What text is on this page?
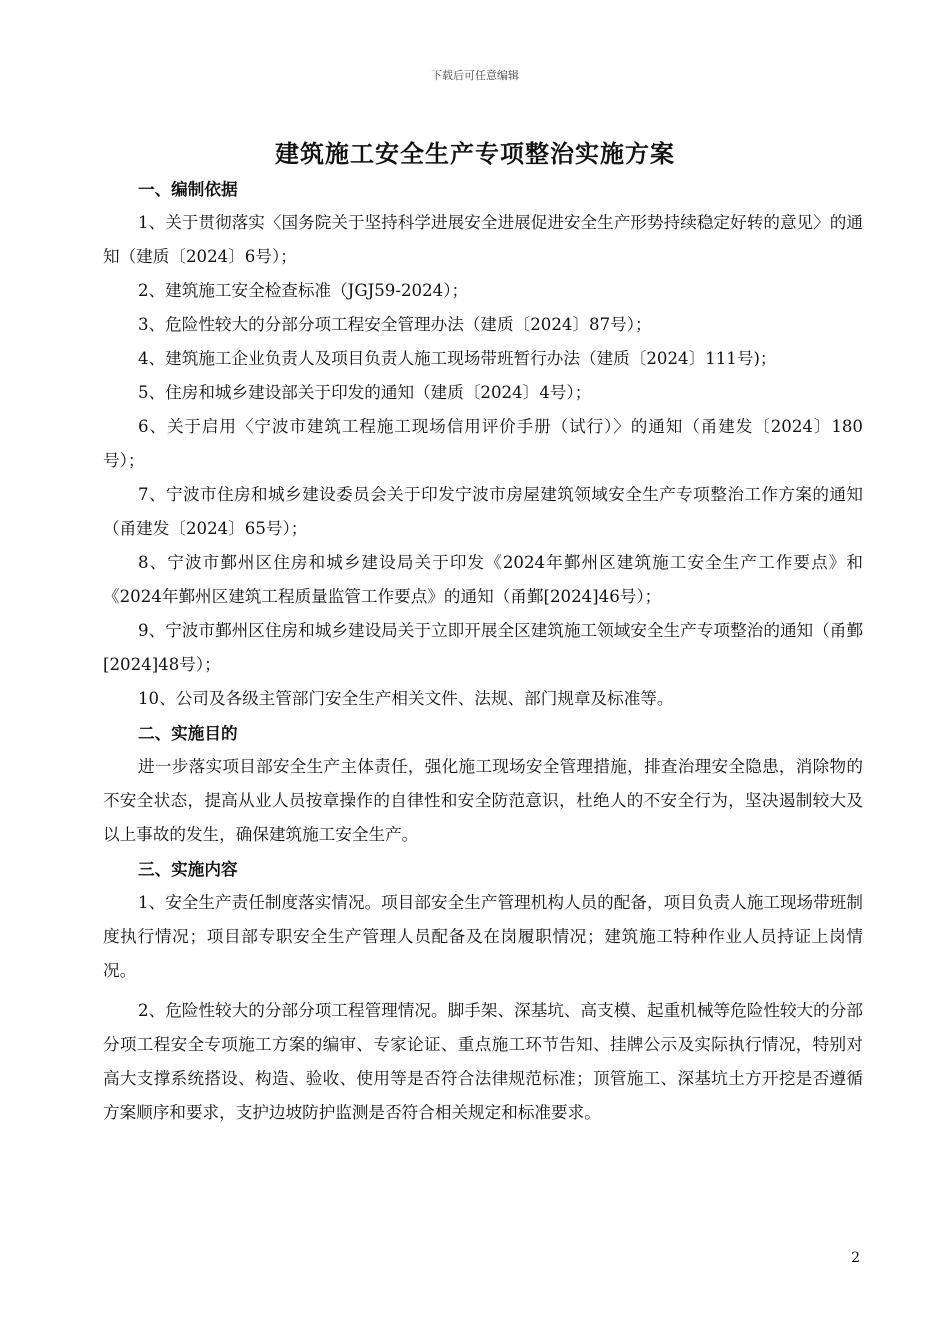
下载后可任意编辑
建筑施工安全生产专项整治实施方案

一、编制依据

1、关于贯彻落实〈国务院关于坚持科学进展安全进展促进安全生产形势持续稳定好转的意见〉的通知（建质〔2024〕6号）；

2、建筑施工安全检查标准（JGJ59-2024）；

3、危险性较大的分部分项工程安全管理办法（建质〔2024〕87号）；

4、建筑施工企业负责人及项目负责人施工现场带班暂行办法（建质〔2024〕111号)；

5、住房和城乡建设部关于印发的通知（建质〔2024〕4号）；

6、关于启用〈宁波市建筑工程施工现场信用评价手册（试行）〉的通知（甬建发〔2024〕180号）；

7、宁波市住房和城乡建设委员会关于印发宁波市房屋建筑领域安全生产专项整治工作方案的通知（甬建发〔2024〕65号）；

8、宁波市鄞州区住房和城乡建设局关于印发《2024年鄞州区建筑施工安全生产工作要点》和《2024年鄞州区建筑工程质量监管工作要点》的通知（甬鄞[2024]46号）；

9、宁波市鄞州区住房和城乡建设局关于立即开展全区建筑施工领域安全生产专项整治的通知（甬鄞[2024]48号）；

10、公司及各级主管部门安全生产相关文件、法规、部门规章及标准等。

二、实施目的

进一步落实项目部安全生产主体责任，强化施工现场安全管理措施，排查治理安全隐患，消除物的不安全状态，提高从业人员按章操作的自律性和安全防范意识，杜绝人的不安全行为，坚决遏制较大及以上事故的发生，确保建筑施工安全生产。

三、实施内容

1、安全生产责任制度落实情况。项目部安全生产管理机构人员的配备，项目负责人施工现场带班制度执行情况；项目部专职安全生产管理人员配备及在岗履职情况；建筑施工特种作业人员持证上岗情况。

2、危险性较大的分部分项工程管理情况。脚手架、深基坑、高支模、起重机械等危险性较大的分部分项工程安全专项施工方案的编审、专家论证、重点施工环节告知、挂牌公示及实际执行情况，特别对高大支撑系统搭设、构造、验收、使用等是否符合法律规范标准；顶管施工、深基坑土方开挖是否遵循方案顺序和要求，支护边坡防护监测是否符合相关规定和标准要求。

2
